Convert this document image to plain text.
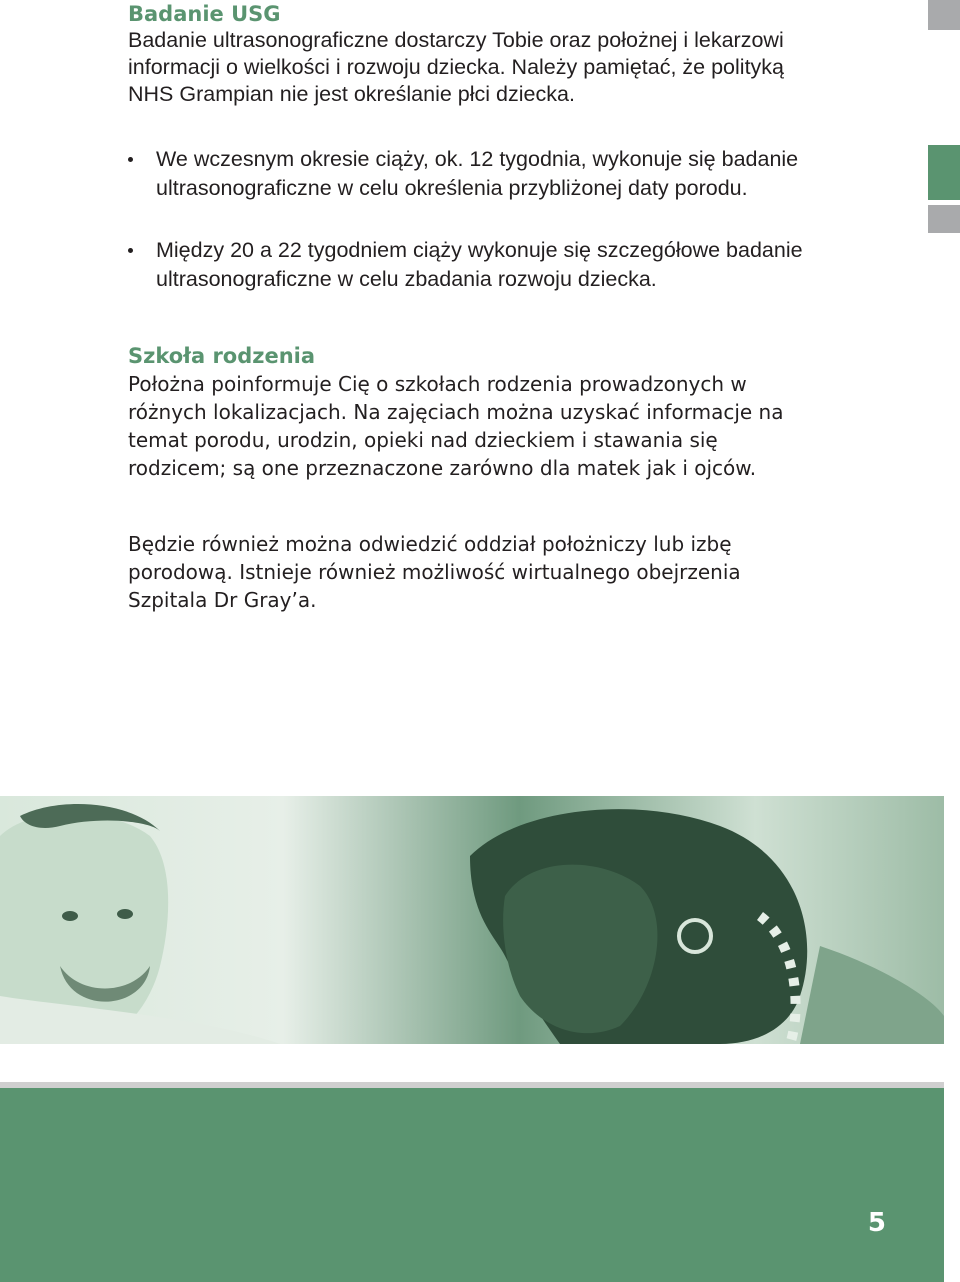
Badanie USG

Badanie ultrasonograficzne dostarczy Tobie oraz położnej i lekarzowi informacji o wielkości i rozwoju dziecka. Należy pamiętać, że polityką NHS Grampian nie jest określanie płci dziecka.

We wczesnym okresie ciąży, ok. 12 tygodnia, wykonuje się badanie ultrasonograficzne w celu określenia przybliżonej daty porodu.
Między 20 a 22 tygodniem ciąży wykonuje się szczegółowe badanie ultrasonograficzne w celu zbadania rozwoju dziecka.
Szkoła rodzenia

Położna poinformuje Cię o szkołach rodzenia prowadzonych w różnych lokalizacjach. Na zajęciach można uzyskać informacje na temat porodu, urodzin, opieki nad dzieckiem i stawania się rodzicem; są one przeznaczone zarówno dla matek jak i ojców.

Będzie również można odwiedzić oddział położniczy lub izbę porodową. Istnieje również możliwość wirtualnego obejrzenia Szpitala Dr Gray’a.

5
